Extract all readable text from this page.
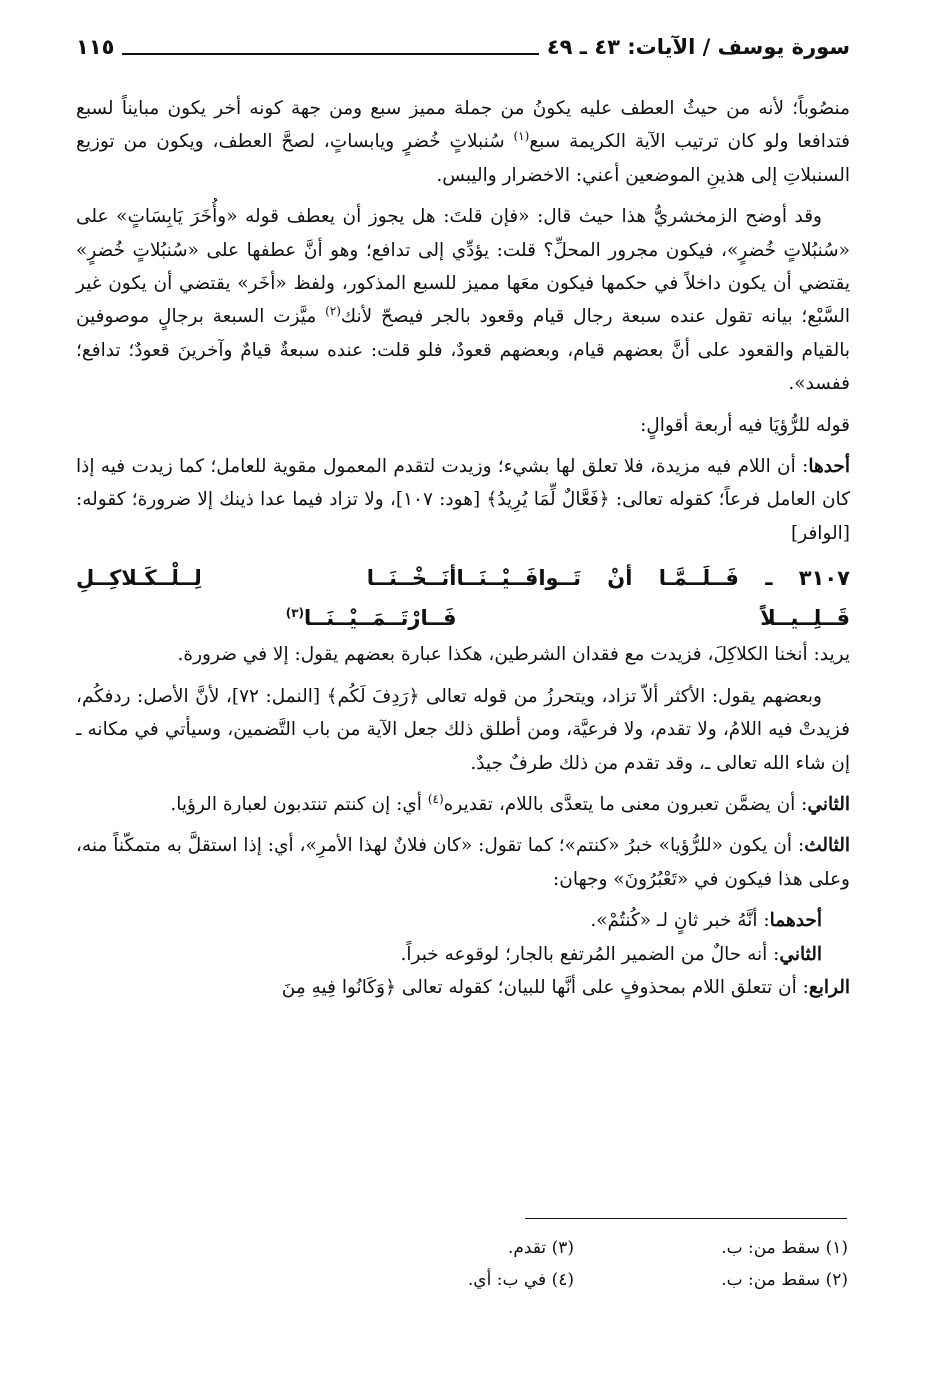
سورة يوسف / الآيات: ٤٣ ـ ٤٩
١١٥

منصُوباً؛ لأنه من حيثُ العطف عليه يكونُ من جملة مميز سبع ومن جهة كونه أخر يكون مبايناً لسبع فتدافعا ولو كان ترتيب الآية الكريمة سبع$^{(١)}$ سُنبلاتٍ خُضرٍ ويابساتٍ، لصحَّ العطف، ويكون من توزيع السنبلاتِ إلى هذينِ الموضعين أعني: الاخضرار واليبس.

وقد أوضح الزمخشريُّ هذا حيث قال: «فإن قلتَ: هل يجوز أن يعطف قوله «وأُخَرَ يَابِسَاتٍ» على «سُنبُلاتٍ خُضرٍ»، فيكون مجرور المحلِّ؟ قلت: يؤدِّي إلى تدافع؛ وهو أنَّ عطفها على «سُنبُلاتٍ خُضرٍ» يقتضي أن يكون داخلاً في حكمها فيكون معَها مميز للسبع المذكور، ولفظ «أخَر» يقتضي أن يكون غير السَّبْع؛ بيانه تقول عنده سبعة رجال قيام وقعود بالجر فيصحّ لأنك$^{(٢)}$ ميَّزت السبعة برجالٍ موصوفين بالقيام والقعود على أنَّ بعضهم قيام، وبعضهم قعودٌ، فلو قلت: عنده سبعةٌ قيامٌ وآخرينَ قعودٌ؛ تدافع؛ ففسد».

قوله للرُّؤيَا فيه أربعة أقوالٍ:

أحدها: أن اللام فيه مزيدة، فلا تعلق لها بشيء؛ وزيدت لتقدم المعمول مقوية للعامل؛ كما زيدت فيه إذا كان العامل فرعاً؛ كقوله تعالى: ﴿فَعَّالٌ لِّمَا يُرِيدُ﴾ [هود: ١٠٧]، ولا تزاد فيما عدا ذينك إلا ضرورة؛ كقوله: [الوافر]

٣١٠٧ ـ فَــلَــمَّـا أنْ تَــوافَــيْــنَــا قَــلِــيــلاً
أنَــخْــنَــا لِــلْــكَـلاكِــلِ فَــارْتَــمَــيْــنَــا$^{(٣)}$

يريد: أنخنا الكلاكِلَ، فزيدت مع فقدان الشرطين، هكذا عبارة بعضهم يقول: إلا في ضرورة.

وبعضهم يقول: الأكثر ألاّ تزاد، ويتحرزُ من قوله تعالى ﴿رَدِفَ لَكُم﴾ [النمل: ٧٢]، لأنَّ الأصل: ردفكُم، فزيدتْ فيه اللامُ، ولا تقدم، ولا فرعيَّة، ومن أطلق ذلك جعل الآية من باب التَّضمين، وسيأتي في مكانه ـ إن شاء الله تعالى ـ، وقد تقدم من ذلك طرفٌ جيدٌ.

الثاني: أن يضمَّن تعبرون معنى ما يتعدَّى باللام، تقديره$^{(٤)}$ أي: إن كنتم تنتدبون لعبارة الرؤيا.

الثالث: أن يكون «للرُّؤيا» خبرُ «كنتم»؛ كما تقول: «كان فلانٌ لهذا الأمرِ»، أي: إذا استقلَّ به متمكّناً منه، وعلى هذا فيكون في «تَعْبُرُونَ» وجهان:

أحدهما: أنَّهُ خبر ثانٍ لـ «كُنتُمْ».

الثاني: أنه حالٌ من الضمير المُرتفع بالجار؛ لوقوعه خبراً.

الرابع: أن تتعلق اللام بمحذوفٍ على أنَّها للبيان؛ كقوله تعالى ﴿وَكَانُوا فِيهِ مِنَ

(١) سقط من: ب.
(٣) تقدم.
(٢) سقط من: ب.
(٤) في ب: أي.
